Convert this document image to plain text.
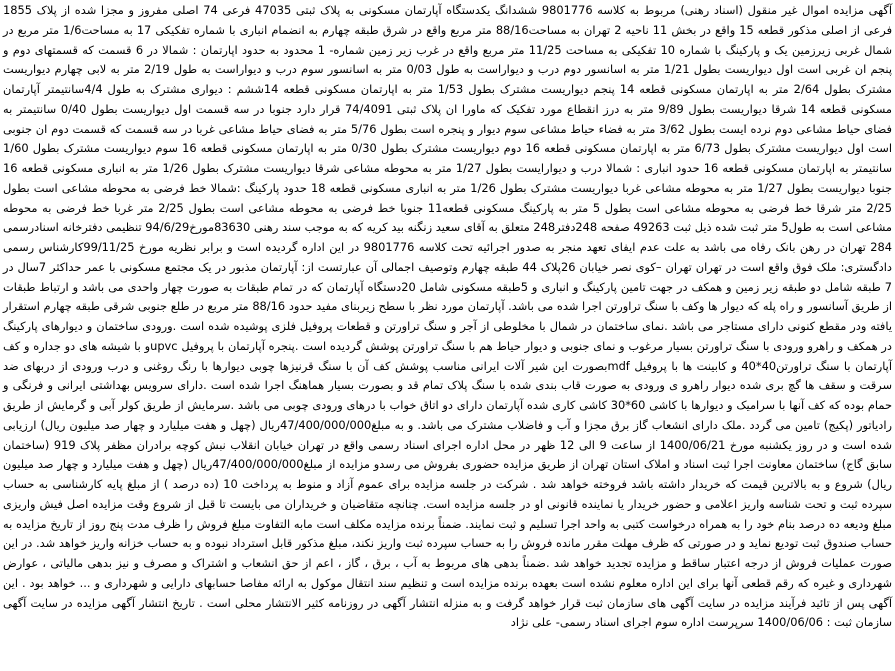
آگهی مزایده اموال غیر منقول (اسناد رهنی) مربوط به کلاسه 9801776 ششدانگ یکدستگاه آپارتمان مسکونی به پلاک ثبتی 47035 فرعی 74 اصلی مفروز و مجزا شده از پلاک 1855 فرعی از اصلی مذکور قطعه 15 واقع در بخش 11 ناحیه 2 تهران به مساحت88/16 متر مربع واقع در شرق طبقه چهارم به انضمام انباری با شماره تفکیکی 17 به مساحت1/6 متر مربع در شمال غربی زیرزمین یک و پارکینگ با شماره 10 تفکیکی به مساحت 11/25 متر مربع واقع در غرب زیر زمین شماره- 1 محدود به حدود اپارتمان : شمالا در 6 قسمت که قسمتهای دوم و پنجم ان غربی است اول دیواریست بطول 1/21 متر به اسانسور دوم درب و دیواراست به طول 0/03 متر به اسانسور سوم درب و دیواراست به طول 2/19 متر به لابی چهارم دیواریست مشترک بطول 2/64 متر به اپارتمان مسکونی قطعه 14 پنجم دیواریست مشترک بطول 1/53 متر به اپارتمان مسکونی قطعه 14ششم : دیواری مشترک به طول 4/4سانتیمتر آپارتمان مسکونی قطعه 14 شرقا دیواریست بطول 9/89 متر به درز انقطاع مورد تفکیک که ماورا ان پلاک ثبتی 74/4091 قرار دارد جنوبا در سه قسمت اول دیواریست بطول 0/40 سانتیمتر به فضای حیاط مشاعی دوم نرده ایست بطول 3/62 متر به فضاء حیاط مشاعی سوم دیوار و پنجره است بطول 5/76 متر به فضای حیاط مشاعی غربا در سه قسمت که قسمت دوم ان جنوبی است اول دیواریست مشترک بطول 6/73 متر به اپارتمان مسکونی قطعه 16 دوم دیواریست مشترک بطول 0/30 متر به اپارتمان مسکونی قطعه 16 سوم دیواریست مشترک بطول 1/60 سانتیمتر به اپارتمان مسکونی قطعه 16 حدود انباری : شمالا درب و دیوارایست بطول 1/27 متر به محوطه مشاعی شرقا دیواریست مشترک بطول 1/26 متر به انباری مسکونی قطعه 16 جنوبا دیواریست بطول 1/27 متر به محوطه مشاعی غربا دیواریست مشترک بطول 1/26 متر به انباری مسکونی قطعه 18 حدود پارکینگ :شمالا خط فرضی به محوطه مشاعی است بطول 2/25 متر شرقا خط فرضی به محوطه مشاعی است بطول 5 متر به پارکینگ مسکونی قطعه11 جنوبا خط فرضی به محوطه مشاعی است بطول 2/25 متر غربا خط فرضی به محوطه مشاعی است به طول5 متر ثبت شده ذیل ثبت 49263 صفحه 248دفتر248 متعلق به آقای سعید زنگنه بید کریه که به موجب سند رهنی 83630مورخ94/6/29 تنظیمی دفترخانه اسنادرسمی 284 تهران در رهن بانک رفاه می باشد به علت عدم ایفای تعهد منجر به صدور اجرائیه تحت کلاسه 9801776 در این اداره گردیده است و برابر نظریه مورخ 99/11/25کارشناس رسمی دادگستری: ملک فوق واقع است در تهران تهران –کوی نصر خیابان 26پلاک 44 طبقه چهارم وتوصیف اجمالی آن عبارتست از: آپارتمان مذبور در یک مجتمع مسکونی با عمر حداکثر 7سال در 7 طبقه شامل دو طبقه زیر زمین و همکف در جهت تامین پارکینگ و انباری و 5طبقه مسکونی شامل 20دستگاه آپارتمان که در تمام طبقات به صورت چهار واحدی می باشد و ارتباط طبقات از طریق آسانسور و راه پله که دیوار ها وکف با سنگ تراورتن اجرا شده می باشد. آپارتمان مورد نظر با سطح زیربنای مفید حدود 88/16 متر مربع در طلع جنوبی شرقی طبقه چهارم استقرار یافته ودر مقطع کنونی دارای مستاجر می باشد .نمای ساختمان در شمال با مخلوطی از آجر و سنگ تراورتن و قطعات پروفیل فلزی پوشیده شده است .ورودی ساختمان و دیوارهای پارکینگ در همکف و راهرو ورودی با سنگ تراورتن بسیار مرغوب و نمای جنوبی و دیوار حیاط هم با سنگ تراورتن پوشش گردیده است .پنجره آپارتمان با پروفیل upvcو با شیشه های دو جداره و کف آپارتمان با سنگ تراورتن40*40 و کابینت ها با پروفیل mdfبصورت این شیر آلات ایرانی مناسب پوشش کف آن با سنگ قرنیزها چوبی دیوارها با رنگ روغنی و درب ورودی از دربهای ضد سرقت و سقف ها گچ بری شده دیوار راهرو ی ورودی به صورت قاب بندی شده با سنگ پلاک تمام قد و بصورت بسیار هماهنگ اجرا شده است .دارای سرویس بهداشتی ایرانی و فرنگی و حمام بوده که کف آنها با سرامیک و دیوارها با کاشی 60*30 کاشی کاری شده آپارتمان دارای دو اتاق خواب با درهای ورودی چوبی می باشد .سرمایش از طریق کولر آبی و گرمایش از طریق رادیاتور (پکیج) تامین می گردد .ملک دارای انشعاب گاز برق مجزا و آب و فاضلاب مشترک می باشد. و به مبلغ47/400/000/000ریال (چهل و هفت میلیارد و چهار صد میلیون ریال) ارزیابی شده است و در روز یکشنبه مورخ 1400/06/21 از ساعت 9 الی 12 ظهر در محل اداره اجرای اسناد رسمی واقع در تهران خیابان انقلاب نبش کوچه برادران مظفر پلاک 919 (ساختمان سابق گاج) ساختمان معاونت اجرا ثبت اسناد و املاک استان تهران از طریق مزایده حضوری بفروش می رسدو مزایده از مبلغ47/400/000/000ریال (چهل و هفت میلیارد و چهار صد میلیون ریال) شروع و به بالاترین قیمت که خریدار داشته باشد فروخته خواهد شد . شرکت در جلسه مزایده برای عموم آزاد و منوط به پرداخت 10 (ده درصد ) از مبلغ پایه کارشناسی به حساب سپرده ثبت و تحت شناسه واریز اعلامی و حضور خریدار یا نماینده قانونی او در جلسه مزایده است. چنانچه متقاضیان و خریداران می بایست تا قبل از شروع وقت مزایده اصل فیش واریزی مبلغ ودیعه ده درصد بنام خود را به همراه درخواست کتبی به واحد اجرا تسلیم و ثبت نمایند. ضمناً برنده مزایده مکلف است مابه التفاوت مبلغ فروش را ظرف مدت پنج روز از تاریخ مزایده به حساب صندوق ثبت تودیع نماید و در صورتی که ظرف مهلت مقرر مانده فروش را به حساب سپرده ثبت واریز نکند، مبلغ مذکور قابل استرداد نبوده و به حساب خزانه واریز خواهد شد. در این صورت عملیات فروش از درجه اعتبار ساقط و مزایده تجدید خواهد شد .ضمناً بدهی های مربوط به آب ، برق ، گاز ، اعم از حق انشعاب و اشتراک و مصرف و نیز بدهی مالیاتی ، عوارض شهرداری و غیره که رقم قطعی آنها برای این اداره معلوم نشده است بعهده برنده مزایده است و تنظیم سند انتقال موکول به ارائه مفاصا حسابهای دارایی و شهرداری و ... خواهد بود . این آگهی پس از تائید فرآیند مزایده در سایت آگهی های سازمان ثبت قرار خواهد گرفت و به منزله انتشار آگهی در روزنامه کثیر الانتشار محلی است . تاریخ انتشار آگهی مزایده در سایت آگهی سازمان ثبت : 1400/06/06 سرپرست اداره سوم اجرای اسناد رسمی- علی نژاد
